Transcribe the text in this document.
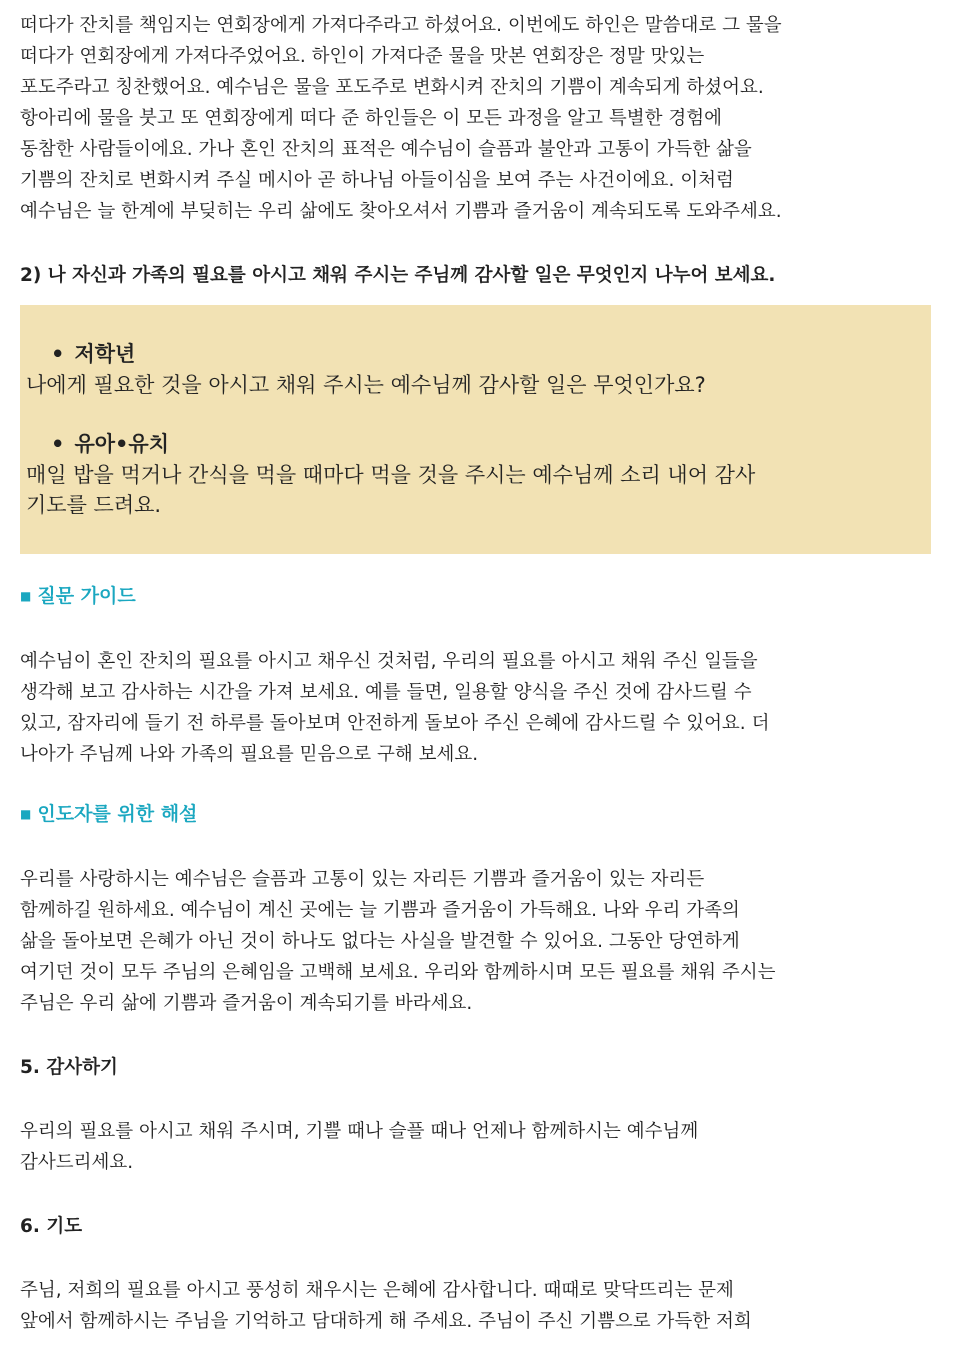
떠다가 잔치를 책임지는 연회장에게 가져다주라고 하셨어요. 이번에도 하인은 말씀대로 그 물을
떠다가 연회장에게 가져다주었어요. 하인이 가져다준 물을 맛본 연회장은 정말 맛있는
포도주라고 칭찬했어요. 예수님은 물을 포도주로 변화시켜 잔치의 기쁨이 계속되게 하셨어요.
항아리에 물을 붓고 또 연회장에게 떠다 준 하인들은 이 모든 과정을 알고 특별한 경험에
동참한 사람들이에요. 가나 혼인 잔치의 표적은 예수님이 슬픔과 불안과 고통이 가득한 삶을
기쁨의 잔치로 변화시켜 주실 메시아 곧 하나님 아들이심을 보여 주는 사건이에요. 이처럼
예수님은 늘 한계에 부딪히는 우리 삶에도 찾아오셔서 기쁨과 즐거움이 계속되도록 도와주세요.

2) 나 자신과 가족의 필요를 아시고 채워 주시는 주님께 감사할 일은 무엇인지 나누어 보세요.

• 저학년

나에게 필요한 것을 아시고 채워 주시는 예수님께 감사할 일은 무엇인가요?

• 유아•유치

매일 밥을 먹거나 간식을 먹을 때마다 먹을 것을 주시는 예수님께 소리 내어 감사
기도를 드려요.

■ 질문 가이드

예수님이 혼인 잔치의 필요를 아시고 채우신 것처럼, 우리의 필요를 아시고 채워 주신 일들을
생각해 보고 감사하는 시간을 가져 보세요. 예를 들면, 일용할 양식을 주신 것에 감사드릴 수
있고, 잠자리에 들기 전 하루를 돌아보며 안전하게 돌보아 주신 은혜에 감사드릴 수 있어요. 더
나아가 주님께 나와 가족의 필요를 믿음으로 구해 보세요.

■ 인도자를 위한 해설

우리를 사랑하시는 예수님은 슬픔과 고통이 있는 자리든 기쁨과 즐거움이 있는 자리든
함께하길 원하세요. 예수님이 계신 곳에는 늘 기쁨과 즐거움이 가득해요. 나와 우리 가족의
삶을 돌아보면 은혜가 아닌 것이 하나도 없다는 사실을 발견할 수 있어요. 그동안 당연하게
여기던 것이 모두 주님의 은혜임을 고백해 보세요. 우리와 함께하시며 모든 필요를 채워 주시는
주님은 우리 삶에 기쁨과 즐거움이 계속되기를 바라세요.

5. 감사하기

우리의 필요를 아시고 채워 주시며, 기쁠 때나 슬플 때나 언제나 함께하시는 예수님께
감사드리세요.

6. 기도

주님, 저희의 필요를 아시고 풍성히 채우시는 은혜에 감사합니다. 때때로 맞닥뜨리는 문제
앞에서 함께하시는 주님을 기억하고 담대하게 해 주세요. 주님이 주신 기쁨으로 가득한 저희
